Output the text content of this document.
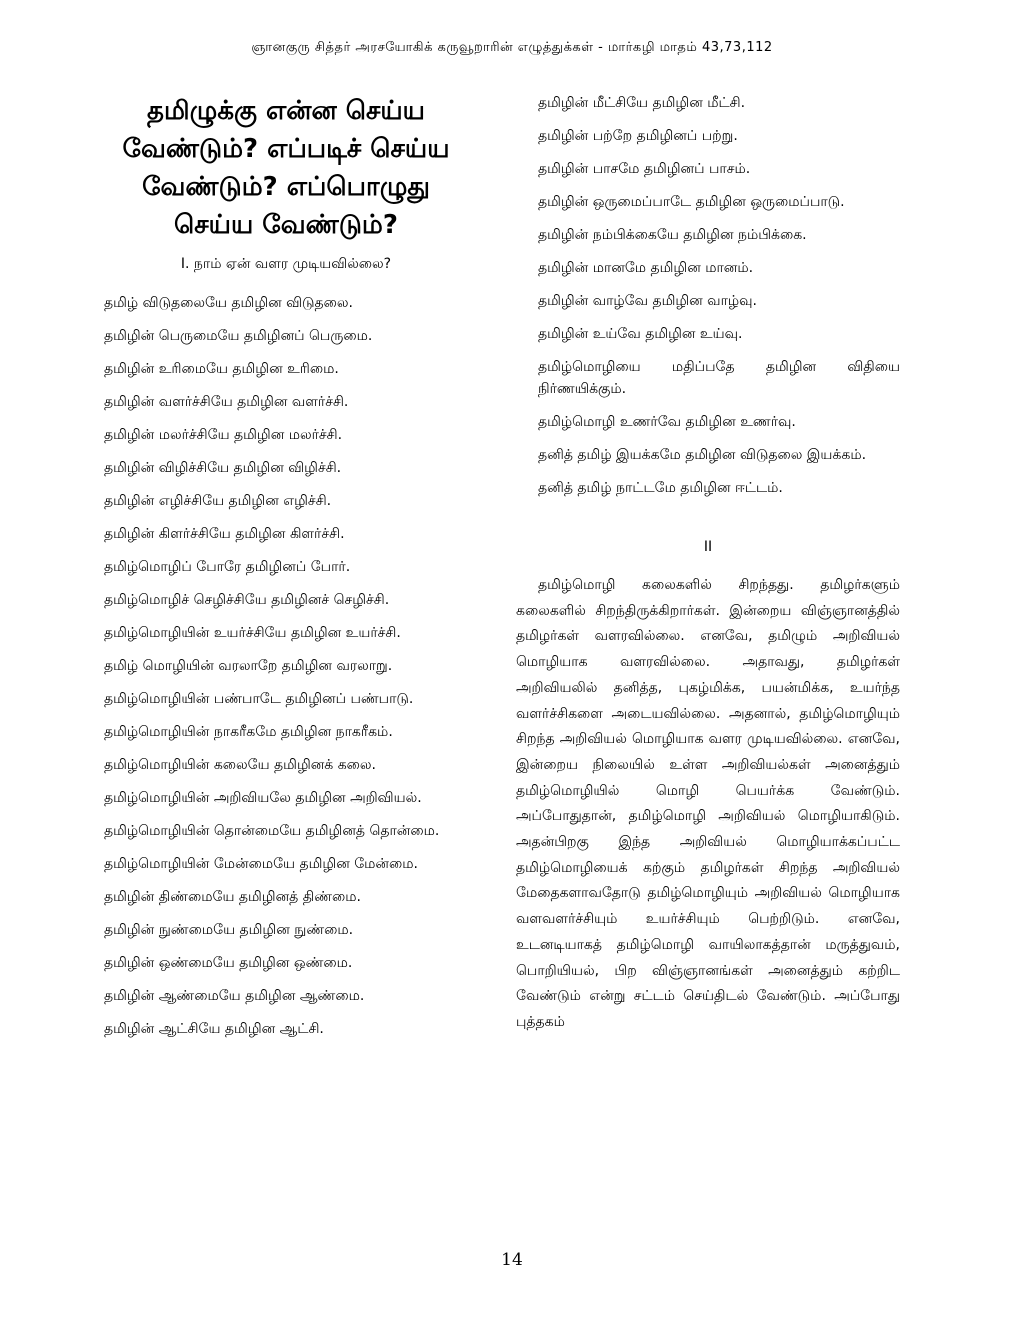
ஞானகுரு சித்தர் அரசயோகிக் கருவூறாரின் எழுத்துக்கள் - மார்கழி மாதம் 43,73,112
தமிழுக்கு என்ன செய்ய வேண்டும்? எப்படிச் செய்ய வேண்டும்? எப்பொழுது செய்ய வேண்டும்?
I. நாம் ஏன் வளர முடியவில்லை?
தமிழ் விடுதலையே தமிழின விடுதலை.
தமிழின் பெருமையே தமிழினப் பெருமை.
தமிழின் உரிமையே தமிழின உரிமை.
தமிழின் வளர்ச்சியே தமிழின வளர்ச்சி.
தமிழின் மலர்ச்சியே தமிழின மலர்ச்சி.
தமிழின் விழிச்சியே தமிழின விழிச்சி.
தமிழின் எழிச்சியே தமிழின எழிச்சி.
தமிழின் கிளர்ச்சியே தமிழின கிளர்ச்சி.
தமிழ்மொழிப் போரே தமிழினப் போர்.
தமிழ்மொழிச் செழிச்சியே தமிழினச் செழிச்சி.
தமிழ்மொழியின் உயர்ச்சியே தமிழின உயர்ச்சி.
தமிழ் மொழியின் வரலாறே தமிழின வரலாறு.
தமிழ்மொழியின் பண்பாடே தமிழினப் பண்பாடு.
தமிழ்மொழியின் நாகரீகமே தமிழின நாகரீகம்.
தமிழ்மொழியின் கலையே தமிழினக் கலை.
தமிழ்மொழியின் அறிவியலே தமிழின அறிவியல்.
தமிழ்மொழியின் தொன்மையே தமிழினத் தொன்மை.
தமிழ்மொழியின் மேன்மையே தமிழின மேன்மை.
தமிழின் திண்மையே தமிழினத் திண்மை.
தமிழின் நுண்மையே தமிழின நுண்மை.
தமிழின் ஒண்மையே தமிழின ஒண்மை.
தமிழின் ஆண்மையே தமிழின ஆண்மை.
தமிழின் ஆட்சியே தமிழின ஆட்சி.
தமிழின் மீட்சியே தமிழின மீட்சி.
தமிழின் பற்றே தமிழினப் பற்று.
தமிழின் பாசமே தமிழினப் பாசம்.
தமிழின் ஒருமைப்பாடே தமிழின ஒருமைப்பாடு.
தமிழின் நம்பிக்கையே தமிழின நம்பிக்கை.
தமிழின் மானமே தமிழின மானம்.
தமிழின் வாழ்வே தமிழின வாழ்வு.
தமிழின் உய்வே தமிழின உய்வு.
தமிழ்மொழியை மதிப்பதே தமிழின விதியை நிர்ணயிக்கும்.
தமிழ்மொழி உணர்வே தமிழின உணர்வு.
தனித் தமிழ் இயக்கமே தமிழின விடுதலை இயக்கம்.
தனித் தமிழ் நாட்டமே தமிழின ஈட்டம்.
II

தமிழ்மொழி கலைகளில் சிறந்தது. தமிழர்களும் கலைகளில் சிறந்திருக்கிறார்கள். இன்றைய விஞ்ஞானத்தில் தமிழர்கள் வளரவில்லை. எனவே, தமிழும் அறிவியல் மொழியாக வளரவில்லை. அதாவது, தமிழர்கள் அறிவியலில் தனித்த, புகழ்மிக்க, பயன்மிக்க, உயர்ந்த வளர்ச்சிகளை அடையவில்லை. அதனால், தமிழ்மொழியும் சிறந்த அறிவியல் மொழியாக வளர முடியவில்லை. எனவே, இன்றைய நிலையில் உள்ள அறிவியல்கள் அனைத்தும் தமிழ்மொழியில் மொழி பெயர்க்க வேண்டும். அப்போதுதான், தமிழ்மொழி அறிவியல் மொழியாகிடும். அதன்பிறகு இந்த அறிவியல் மொழியாக்கப்பட்ட தமிழ்மொழியைக் கற்கும் தமிழர்கள் சிறந்த அறிவியல் மேதைகளாவதோடு தமிழ்மொழியும் அறிவியல் மொழியாக வளவளர்ச்சியும் உயர்ச்சியும் பெற்றிடும். எனவே, உடனடியாகத் தமிழ்மொழி வாயிலாகத்தான் மருத்துவம், பொறியியல், பிற விஞ்ஞானங்கள் அனைத்தும் கற்றிட வேண்டும் என்று சட்டம் செய்திடல் வேண்டும். அப்போது புத்தகம்

14
